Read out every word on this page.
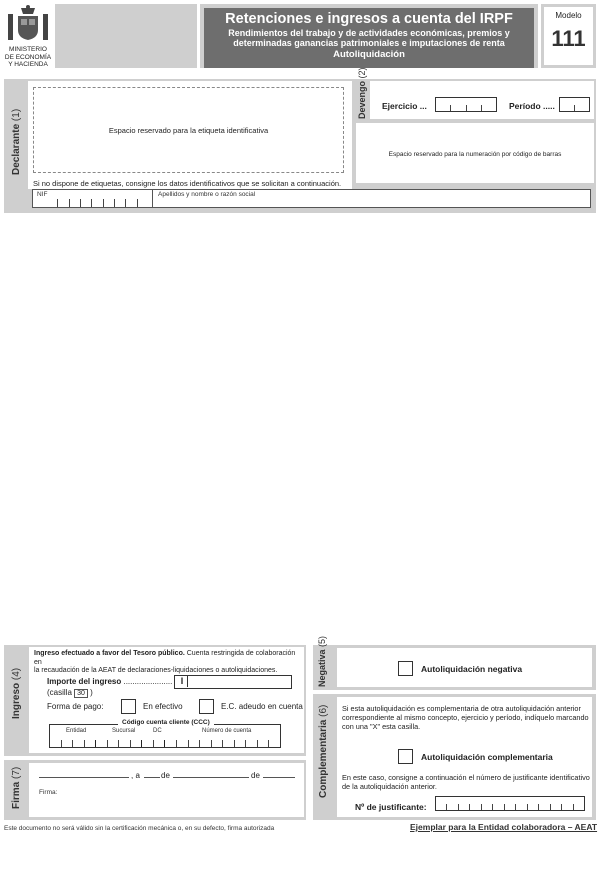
MINISTERIO
DE ECONOMÍA
Y HACIENDA
Retenciones e ingresos a cuenta del IRPF
Rendimientos del trabajo y de actividades económicas, premios y
determinadas ganancias patrimoniales e imputaciones de renta
Autoliquidación
Modelo
111
Declarante (1)
Espacio reservado para la etiqueta identificativa
Si no dispone de etiquetas, consigne los datos identificativos que se solicitan a continuación.
Devengo (2)
Ejercicio ...	Período .....
Espacio reservado para la numeración por código de barras
NIF	Apellidos y nombre o razón social
Ingreso (4)
Ingreso efectuado a favor del Tesoro público. Cuenta restringida de colaboración en
la recaudación de la AEAT de declaraciones-liquidaciones o autoliquidaciones.
Importe del ingreso ......................
(casilla 30 )
I
Forma de pago:	En efectivo	E.C. adeudo en cuenta
Código cuenta cliente (CCC)
Entidad	Sucursal	DC	Número de cuenta
Firma (7)	, a	de	de
Firma:
Negativa (5)
Autoliquidación negativa
Complementaria (6) Si esta autoliquidación es complementaria de otra autoliquidación anterior
correspondiente al mismo concepto, ejercicio y período, indíquelo marcando
con una "X" esta casilla.
Autoliquidación complementaria
En este caso, consigne a continuación el número de justificante identificativo
de la autoliquidación anterior.
Nº de justificante:
Este documento no será válido sin la certificación mecánica o, en su defecto, firma autorizada	Ejemplar para la Entidad colaboradora – AEAT
